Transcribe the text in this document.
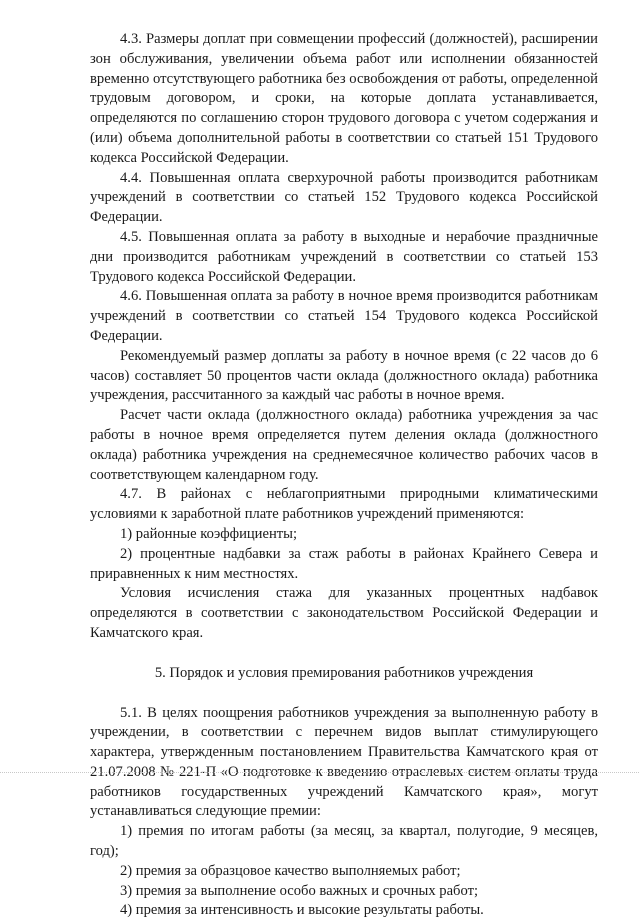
4.3. Размеры доплат при совмещении профессий (должностей), расширении зон обслуживания, увеличении объема работ или исполнении обязанностей временно отсутствующего работника без освобождения от работы, определенной трудовым договором, и сроки, на которые доплата устанавливается, определяются по соглашению сторон трудового договора с учетом содержания и (или) объема дополнительной работы в соответствии со статьей 151 Трудового кодекса Российской Федерации.

4.4. Повышенная оплата сверхурочной работы производится работникам учреждений в соответствии со статьей 152 Трудового кодекса Российской Федерации.

4.5. Повышенная оплата за работу в выходные и нерабочие праздничные дни производится работникам учреждений в соответствии со статьей 153 Трудового кодекса Российской Федерации.

4.6. Повышенная оплата за работу в ночное время производится работникам учреждений в соответствии со статьей 154 Трудового кодекса Российской Федерации.

Рекомендуемый размер доплаты за работу в ночное время (с 22 часов до 6 часов) составляет 50 процентов части оклада (должностного оклада) работника учреждения, рассчитанного за каждый час работы в ночное время.

Расчет части оклада (должностного оклада) работника учреждения за час работы в ночное время определяется путем деления оклада (должностного оклада) работника учреждения на среднемесячное количество рабочих часов в соответствующем календарном году.

4.7. В районах с неблагоприятными природными климатическими условиями к заработной плате работников учреждений применяются:

1) районные коэффициенты;

2) процентные надбавки за стаж работы в районах Крайнего Севера и приравненных к ним местностях.

Условия исчисления стажа для указанных процентных надбавок определяются в соответствии с законодательством Российской Федерации и Камчатского края.

5. Порядок и условия премирования работников учреждения

5.1. В целях поощрения работников учреждения за выполненную работу в учреждении, в соответствии с перечнем видов выплат стимулирующего характера, утвержденным постановлением Правительства Камчатского края от 21.07.2008 № 221-П «О подготовке к введению отраслевых систем оплаты труда работников государственных учреждений Камчатского края», могут устанавливаться следующие премии:

1) премия по итогам работы (за месяц, за квартал, полугодие, 9 месяцев, год);

2) премия за образцовое качество выполняемых работ;

3) премия за выполнение особо важных и срочных работ;

4) премия за интенсивность и высокие результаты работы.
